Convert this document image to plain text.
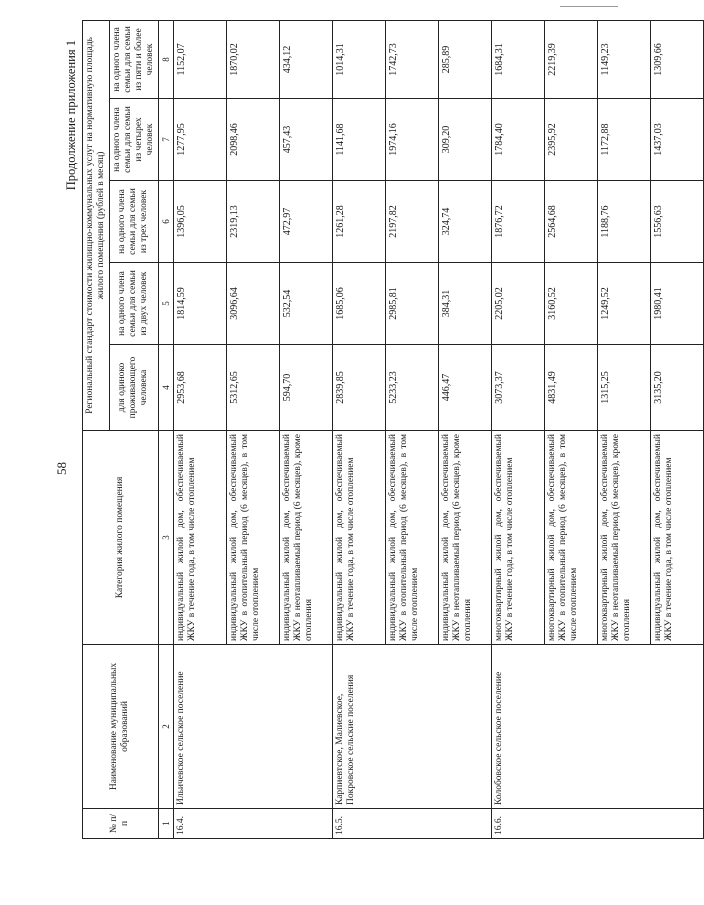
58
Продолжение приложения 1
№ п/п	Наименование муниципальных образований	Категория жилого помещения	Региональный стандарт стоимости жилищно-коммунальных услуг на нормативную площадь жилого помещения (рублей в месяц)				
			для одиноко проживающего человека	на одного члена семьи для семьи из двух человек	на одного члена семьи для семьи из трех человек	на одного члена семьи для семьи из четырех человек	на одного члена семьи для семьи из пяти и более человек

1	2	3	4	5	6	7	8
16.4.	Ильичевское сельское поселение	индивидуальный жилой дом, обеспечиваемый ЖКУ в течение года, в том числе отоплением	2953,68	1814,59	1396,05	1277,95	1152,07
		индивидуальный жилой дом, обеспечиваемый ЖКУ в отопительный период (6 месяцев), в том числе отоплением	5312,65	3096,64	2319,13	2098,46	1870,02
		индивидуальный жилой дом, обеспечиваемый ЖКУ в неотапливаемый период (6 месяцев), кроме отопления	594,70	532,54	472,97	457,43	434,12
16.5.	Карпиевтское, Малиевское, Покровское сельские поселения	индивидуальный жилой дом, обеспечиваемый ЖКУ в течение года, в том числе отоплением	2839,85	1685,06	1261,28	1141,68	1014,31
		индивидуальный жилой дом, обеспечиваемый ЖКУ в отопительный период (6 месяцев), в том числе отоплением	5233,23	2985,81	2197,82	1974,16	1742,73
		индивидуальный жилой дом, обеспечиваемый ЖКУ в неотапливаемый период (6 месяцев), кроме отопления	446,47	384,31	324,74	309,20	285,89
16.6.	Колобовское сельское поселение	многоквартирный жилой дом, обеспечиваемый ЖКУ в течение года, в том числе отоплением	3073,37	2205,02	1876,72	1784,40	1684,31
		многоквартирный жилой дом, обеспечиваемый ЖКУ в отопительный период (6 месяцев), в том числе отоплением	4831,49	3160,52	2564,68	2395,92	2219,39
		многоквартирный жилой дом, обеспечиваемый ЖКУ в неотапливаемый период (6 месяцев), кроме отопления	1315,25	1249,52	1188,76	1172,88	1149,23
		индивидуальный жилой дом, обеспечиваемый ЖКУ в течение года, в том числе отоплением	3135,20	1980,41	1556,63	1437,03	1309,66
